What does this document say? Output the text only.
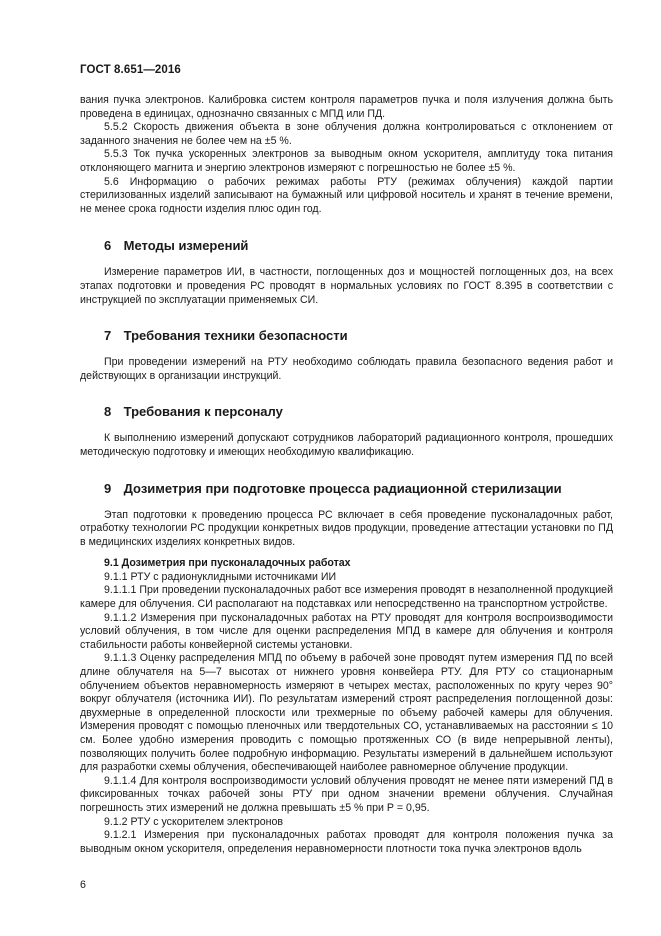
ГОСТ 8.651—2016

вания пучка электронов. Калибровка систем контроля параметров пучка и поля излучения должна быть проведена в единицах, однозначно связанных с МПД или ПД.

5.5.2 Скорость движения объекта в зоне облучения должна контролироваться с отклонением от заданного значения не более чем на ±5 %.

5.5.3 Ток пучка ускоренных электронов за выводным окном ускорителя, амплитуду тока питания отклоняющего магнита и энергию электронов измеряют с погрешностью не более ±5 %.

5.6 Информацию о рабочих режимах работы РТУ (режимах облучения) каждой партии стерилизованных изделий записывают на бумажный или цифровой носитель и хранят в течение времени, не менее срока годности изделия плюс один год.

6 Методы измерений

Измерение параметров ИИ, в частности, поглощенных доз и мощностей поглощенных доз, на всех этапах подготовки и проведения РС проводят в нормальных условиях по ГОСТ 8.395 в соответствии с инструкцией по эксплуатации применяемых СИ.

7 Требования техники безопасности

При проведении измерений на РТУ необходимо соблюдать правила безопасного ведения работ и действующих в организации инструкций.

8 Требования к персоналу

К выполнению измерений допускают сотрудников лабораторий радиационного контроля, прошедших методическую подготовку и имеющих необходимую квалификацию.

9 Дозиметрия при подготовке процесса радиационной стерилизации

Этап подготовки к проведению процесса РС включает в себя проведение пусконаладочных работ, отработку технологии РС продукции конкретных видов продукции, проведение аттестации установки по ПД в медицинских изделиях конкретных видов.

9.1 Дозиметрия при пусконаладочных работах

9.1.1 РТУ с радионуклидными источниками ИИ

9.1.1.1 При проведении пусконаладочных работ все измерения проводят в незаполненной продукцией камере для облучения. СИ располагают на подставках или непосредственно на транспортном устройстве.

9.1.1.2 Измерения при пусконаладочных работах на РТУ проводят для контроля воспроизводимости условий облучения, в том числе для оценки распределения МПД в камере для облучения и контроля стабильности работы конвейерной системы установки.

9.1.1.3 Оценку распределения МПД по объему в рабочей зоне проводят путем измерения ПД по всей длине облучателя на 5—7 высотах от нижнего уровня конвейера РТУ. Для РТУ со стационарным облучением объектов неравномерность измеряют в четырех местах, расположенных по кругу через 90° вокруг облучателя (источника ИИ). По результатам измерений строят распределения поглощенной дозы: двухмерные в определенной плоскости или трехмерные по объему рабочей камеры для облучения. Измерения проводят с помощью пленочных или твердотельных СО, устанавливаемых на расстоянии ≤ 10 см. Более удобно измерения проводить с помощью протяженных СО (в виде непрерывной ленты), позволяющих получить более подробную информацию. Результаты измерений в дальнейшем используют для разработки схемы облучения, обеспечивающей наиболее равномерное облучение продукции.

9.1.1.4 Для контроля воспроизводимости условий облучения проводят не менее пяти измерений ПД в фиксированных точках рабочей зоны РТУ при одном значении времени облучения. Случайная погрешность этих измерений не должна превышать ±5 % при Р = 0,95.

9.1.2 РТУ с ускорителем электронов

9.1.2.1 Измерения при пусконаладочных работах проводят для контроля положения пучка за выводным окном ускорителя, определения неравномерности плотности тока пучка электронов вдоль

6
